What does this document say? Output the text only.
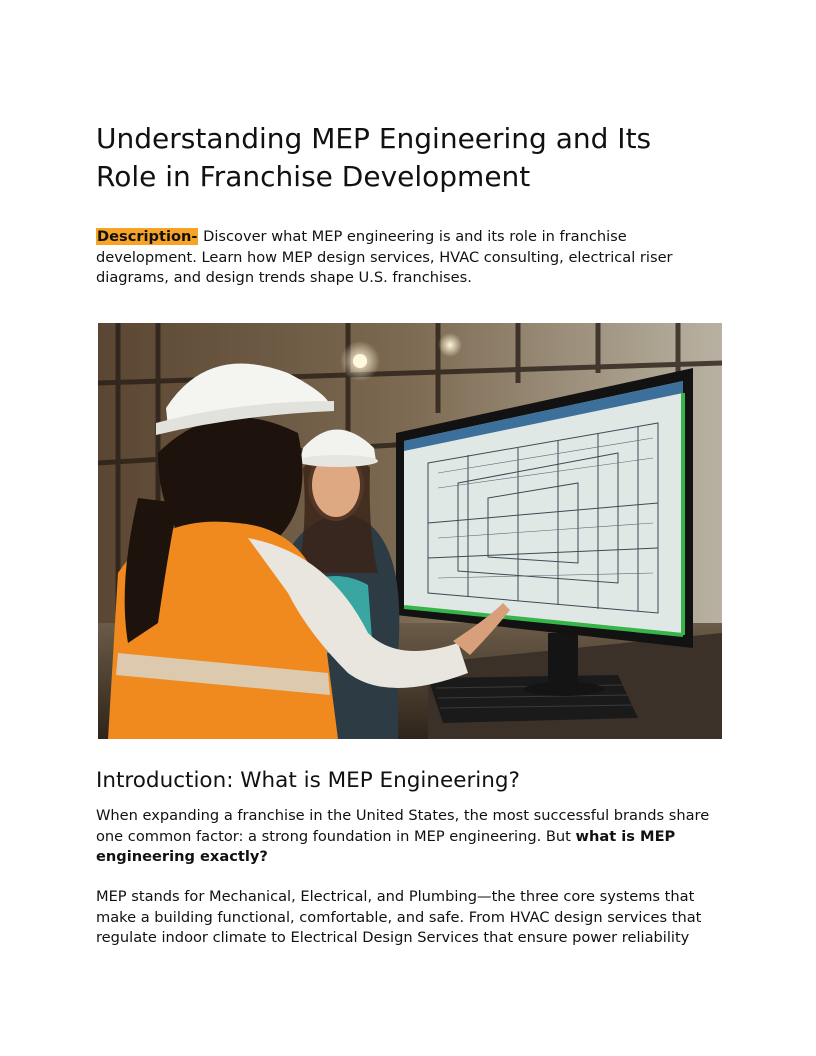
Understanding MEP Engineering and Its Role in Franchise Development

Description- Discover what MEP engineering is and its role in franchise development. Learn how MEP design services, HVAC consulting, electrical riser diagrams, and design trends shape U.S. franchises.

Introduction: What is MEP Engineering?

When expanding a franchise in the United States, the most successful brands share one common factor: a strong foundation in MEP engineering. But what is MEP engineering exactly?

MEP stands for Mechanical, Electrical, and Plumbing—the three core systems that make a building functional, comfortable, and safe. From HVAC design services that regulate indoor climate to Electrical Design Services that ensure power reliability
